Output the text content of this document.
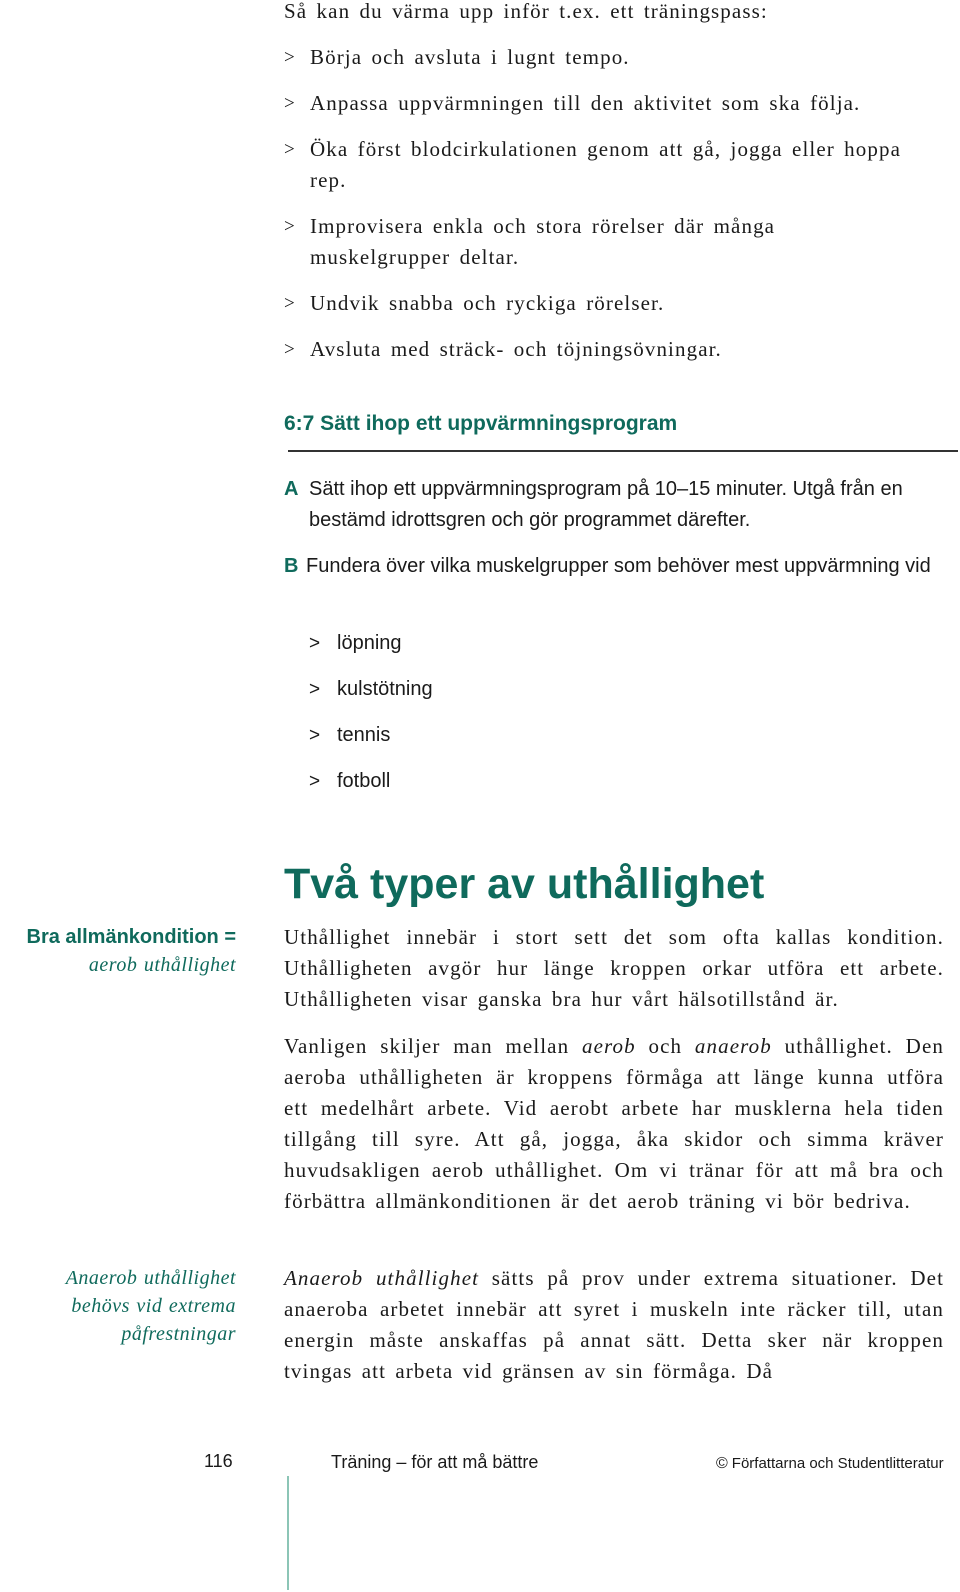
Så kan du värma upp inför t.ex. ett träningspass:
> Börja och avsluta i lugnt tempo.
> Anpassa uppvärmningen till den aktivitet som ska följa.
> Öka först blodcirkulationen genom att gå, jogga eller hoppa rep.
> Improvisera enkla och stora rörelser där många muskelgrupper deltar.
> Undvik snabba och ryckiga rörelser.
> Avsluta med sträck- och töjningsövningar.
6:7 Sätt ihop ett uppvärmningsprogram
A Sätt ihop ett uppvärmningsprogram på 10–15 minuter. Utgå från en bestämd idrottsgren och gör programmet därefter.
B Fundera över vilka muskelgrupper som behöver mest uppvärmning vid
> löpning
> kulstötning
> tennis
> fotboll
Två typer av uthållighet
Bra allmänkondition =
aerob uthållighet
Anaerob uthållighet behövs vid extrema påfrestningar
Uthållighet innebär i stort sett det som ofta kallas kondition. Uthålligheten avgör hur länge kroppen orkar utföra ett arbete. Uthålligheten visar ganska bra hur vårt hälsotillstånd är.
Vanligen skiljer man mellan aerob och anaerob uthållighet. Den aeroba uthålligheten är kroppens förmåga att länge kunna utföra ett medelhårt arbete. Vid aerobt arbete har musklerna hela tiden tillgång till syre. Att gå, jogga, åka skidor och simma kräver huvudsakligen aerob uthållighet. Om vi tränar för att må bra och förbättra allmänkonditionen är det aerob träning vi bör bedriva.
Anaerob uthållighet sätts på prov under extrema situationer. Det anaeroba arbetet innebär att syret i muskeln inte räcker till, utan energin måste anskaffas på annat sätt. Detta sker när kroppen tvingas att arbeta vid gränsen av sin förmåga. Då
116	Träning – för att må bättre	© Författarna och Studentlitteratur
